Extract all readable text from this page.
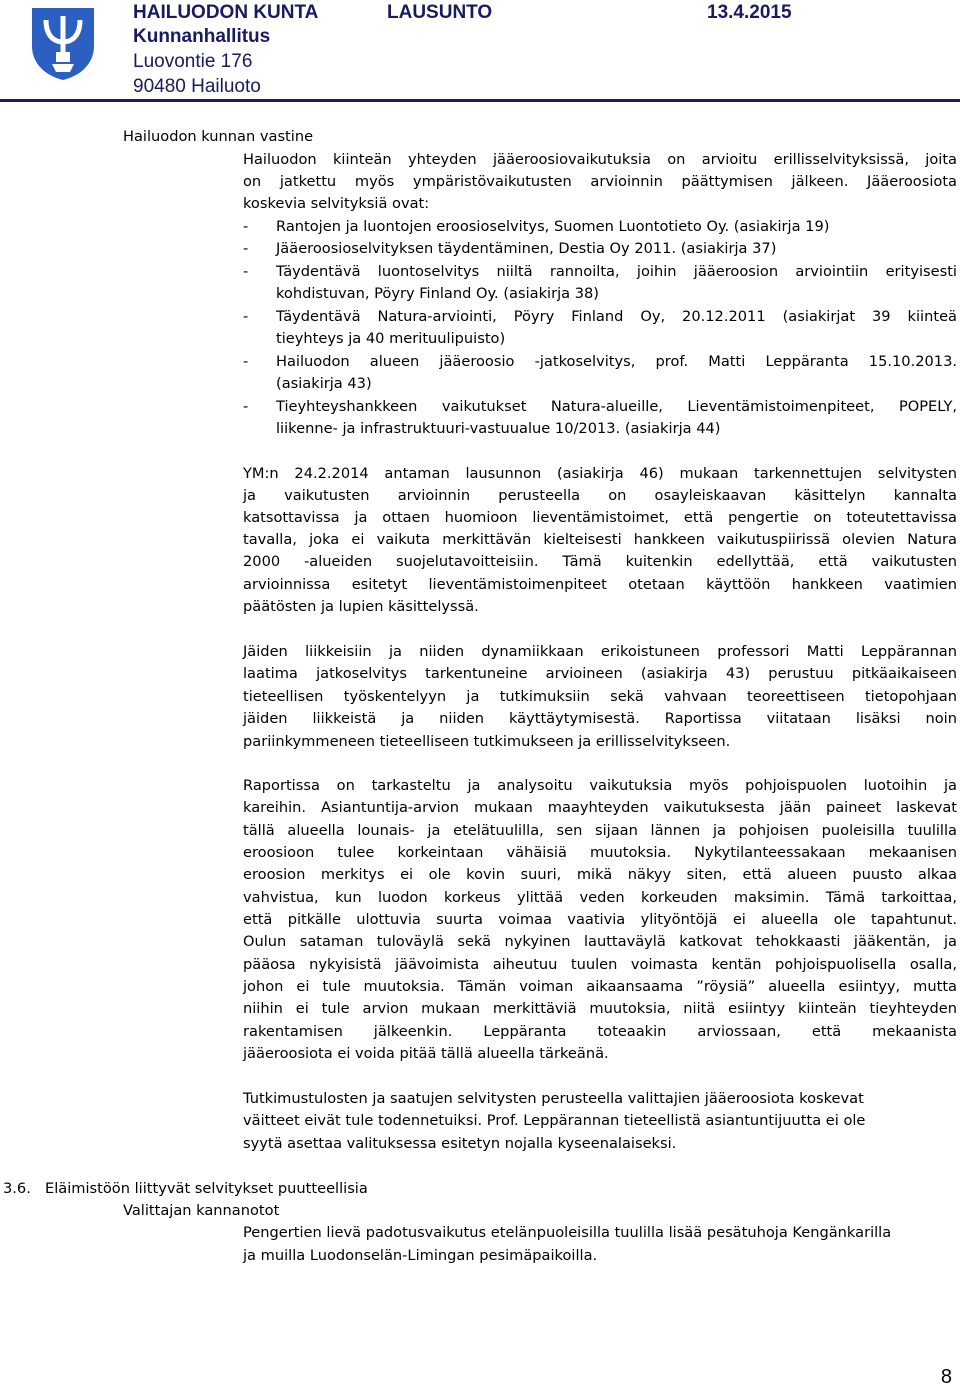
HAILUODON KUNTA	LAUSUNTO	13.4.2015
Kunnanhallitus
Luovontie 176
90480 Hailuoto
Hailuodon kunnan vastine
Hailuodon kiinteän yhteyden jääeroosiovaikutuksia on arvioitu erillisselvityksissä, joita
on jatkettu myös ympäristövaikutusten arvioinnin päättymisen jälkeen. Jääeroosiota
koskevia selvityksiä ovat:
- Rantojen ja luontojen eroosioselvitys, Suomen Luontotieto Oy. (asiakirja 19)
- Jääeroosioselvityksen täydentäminen, Destia Oy 2011. (asiakirja 37)
- Täydentävä luontoselvitys niiltä rannoilta, joihin jääeroosion arviointiin erityisesti
kohdistuvan, Pöyry Finland Oy. (asiakirja 38)
- Täydentävä Natura-arviointi, Pöyry Finland Oy, 20.12.2011 (asiakirjat 39 kiinteä
tieyhteys ja 40 merituulipuisto)
- Hailuodon alueen jääeroosio -jatkoselvitys, prof. Matti Leppäranta 15.10.2013.
(asiakirja 43)
- Tieyhteyshankkeen vaikutukset Natura-alueille, Lieventämistoimenpiteet, POPELY,
liikenne- ja infrastruktuuri-vastuualue 10/2013. (asiakirja 44)
YM:n 24.2.2014 antaman lausunnon (asiakirja 46) mukaan tarkennettujen selvitysten
ja vaikutusten arvioinnin perusteella on osayleiskaavan käsittelyn kannalta
katsottavissa ja ottaen huomioon lieventämistoimet, että pengertie on toteutettavissa
tavalla, joka ei vaikuta merkittävän kielteisesti hankkeen vaikutuspiirissä olevien Natura
2000 -alueiden suojelutavoitteisiin. Tämä kuitenkin edellyttää, että vaikutusten
arvioinnissa esitetyt lieventämistoimenpiteet otetaan käyttöön hankkeen vaatimien
päätösten ja lupien käsittelyssä.
Jäiden liikkeisiin ja niiden dynamiikkaan erikoistuneen professori Matti Leppärannan
laatima jatkoselvitys tarkentuneine arvioineen (asiakirja 43) perustuu pitkäaikaiseen
tieteellisen työskentelyyn ja tutkimuksiin sekä vahvaan teoreettiseen tietopohjaan
jäiden liikkeistä ja niiden käyttäytymisestä. Raportissa viitataan lisäksi noin
pariinkymmeneen tieteelliseen tutkimukseen ja erillisselvitykseen.
Raportissa on tarkasteltu ja analysoitu vaikutuksia myös pohjoispuolen luotoihin ja
kareihin. Asiantuntija-arvion mukaan maayhteyden vaikutuksesta jään paineet laskevat
tällä alueella lounais- ja etelätuulilla, sen sijaan lännen ja pohjoisen puoleisilla tuulilla
eroosioon tulee korkeintaan vähäisiä muutoksia. Nykytilanteessakaan mekaanisen
eroosion merkitys ei ole kovin suuri, mikä näkyy siten, että alueen puusto alkaa
vahvistua, kun luodon korkeus ylittää veden korkeuden maksimin. Tämä tarkoittaa,
että pitkälle ulottuvia suurta voimaa vaativia ylityöntöjä ei alueella ole tapahtunut.
Oulun sataman tuloväylä sekä nykyinen lauttaväylä katkovat tehokkaasti jääkentän, ja
pääosa nykyisistä jäävoimista aiheutuu tuulen voimasta kentän pohjoispuolisella osalla,
johon ei tule muutoksia. Tämän voiman aikaansaama ”röysiä” alueella esiintyy, mutta
niihin ei tule arvion mukaan merkittäviä muutoksia, niitä esiintyy kiinteän tieyhteyden
rakentamisen jälkeenkin. Leppäranta toteaakin arviossaan, että mekaanista
jääeroosiota ei voida pitää tällä alueella tärkeänä.
Tutkimustulosten ja saatujen selvitysten perusteella valittajien jääeroosiota koskevat
väitteet eivät tule todennetuiksi. Prof. Leppärannan tieteellistä asiantuntijuutta ei ole
syytä asettaa valituksessa esitetyn nojalla kyseenalaiseksi.
3.6. Eläimistöön liittyvät selvitykset puutteellisia
Valittajan kannanotot
Pengertien lievä padotusvaikutus etelänpuoleisilla tuulilla lisää pesätuhoja Kengänkarilla
ja muilla Luodonselän-Limingan pesimäpaikoilla.
8
